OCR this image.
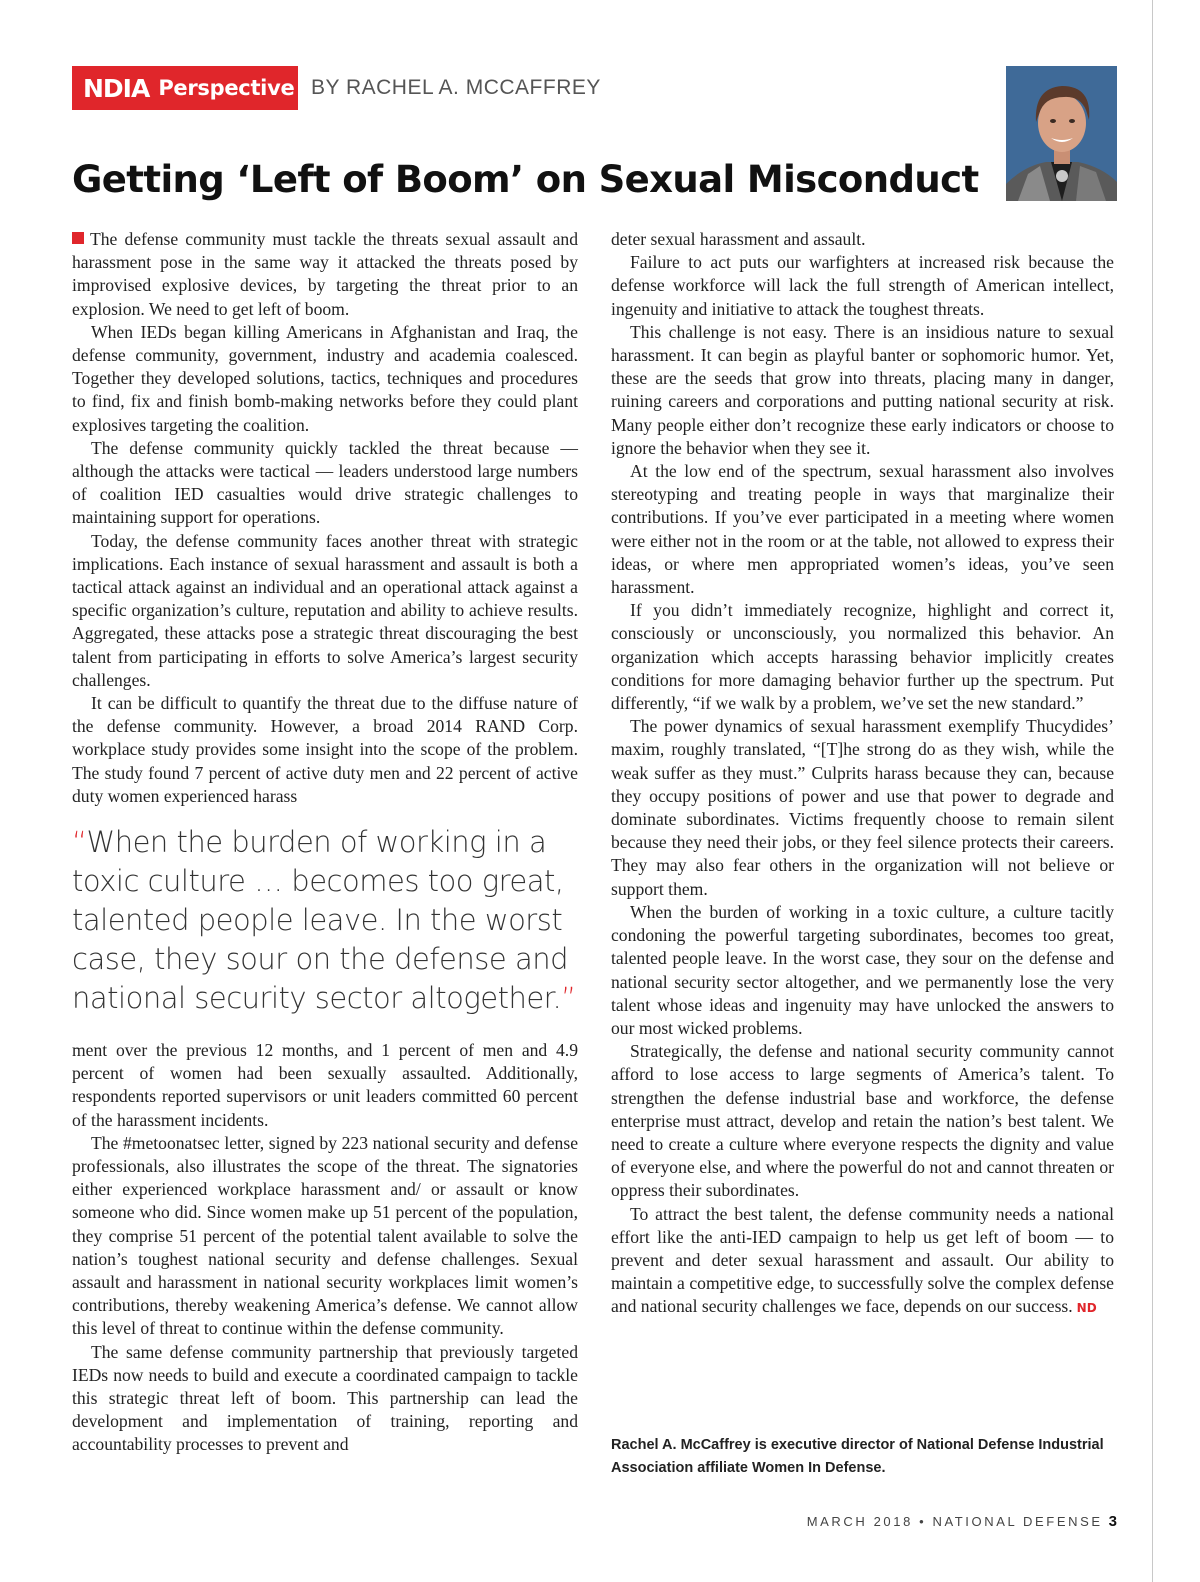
NDIA Perspective BY RACHEL A. MCCAFFREY
Getting ‘Left of Boom’ on Sexual Misconduct

The defense community must tackle the threats sexual assault and harassment pose in the same way it attacked the threats posed by improvised explosive devices, by targeting the threat prior to an explosion. We need to get left of boom.

When IEDs began killing Americans in Afghanistan and Iraq, the defense community, government, industry and academia coalesced. Together they developed solutions, tactics, techniques and procedures to find, fix and finish bomb-making networks before they could plant explosives targeting the coalition.

The defense community quickly tackled the threat because — although the attacks were tactical — leaders understood large numbers of coalition IED casualties would drive strategic challenges to maintaining support for operations.

Today, the defense community faces another threat with strategic implications. Each instance of sexual harassment and assault is both a tactical attack against an individual and an operational attack against a specific organization’s culture, reputation and ability to achieve results. Aggregated, these attacks pose a strategic threat discouraging the best talent from participating in efforts to solve America’s largest security challenges.

It can be difficult to quantify the threat due to the diffuse nature of the defense community. However, a broad 2014 RAND Corp. workplace study provides some insight into the scope of the problem. The study found 7 percent of active duty men and 22 percent of active duty women experienced harass

“When the burden of working in a toxic culture … becomes too great, talented people leave. In the worst case, they sour on the defense and national security sector altogether.”

ment over the previous 12 months, and 1 percent of men and 4.9 percent of women had been sexually assaulted. Additionally, respondents reported supervisors or unit leaders committed 60 percent of the harassment incidents.

The #metoonatsec letter, signed by 223 national security and defense professionals, also illustrates the scope of the threat. The signatories either experienced workplace harassment and/ or assault or know someone who did. Since women make up 51 percent of the population, they comprise 51 percent of the potential talent available to solve the nation’s toughest national security and defense challenges. Sexual assault and harassment in national security workplaces limit women’s contributions, thereby weakening America’s defense. We cannot allow this level of threat to continue within the defense community.

The same defense community partnership that previously targeted IEDs now needs to build and execute a coordinated campaign to tackle this strategic threat left of boom. This partnership can lead the development and implementation of training, reporting and accountability processes to prevent and

deter sexual harassment and assault.

Failure to act puts our warfighters at increased risk because the defense workforce will lack the full strength of American intellect, ingenuity and initiative to attack the toughest threats.

This challenge is not easy. There is an insidious nature to sexual harassment. It can begin as playful banter or sophomoric humor. Yet, these are the seeds that grow into threats, placing many in danger, ruining careers and corporations and putting national security at risk. Many people either don’t recognize these early indicators or choose to ignore the behavior when they see it.

At the low end of the spectrum, sexual harassment also involves stereotyping and treating people in ways that marginalize their contributions. If you’ve ever participated in a meeting where women were either not in the room or at the table, not allowed to express their ideas, or where men appropriated women’s ideas, you’ve seen harassment.

If you didn’t immediately recognize, highlight and correct it, consciously or unconsciously, you normalized this behavior. An organization which accepts harassing behavior implicitly creates conditions for more damaging behavior further up the spectrum. Put differently, “if we walk by a problem, we’ve set the new standard.”

The power dynamics of sexual harassment exemplify Thucydides’ maxim, roughly translated, “[T]he strong do as they wish, while the weak suffer as they must.” Culprits harass because they can, because they occupy positions of power and use that power to degrade and dominate subordinates. Victims frequently choose to remain silent because they need their jobs, or they feel silence protects their careers. They may also fear others in the organization will not believe or support them.

When the burden of working in a toxic culture, a culture tacitly condoning the powerful targeting subordinates, becomes too great, talented people leave. In the worst case, they sour on the defense and national security sector altogether, and we permanently lose the very talent whose ideas and ingenuity may have unlocked the answers to our most wicked problems.

Strategically, the defense and national security community cannot afford to lose access to large segments of America’s talent. To strengthen the defense industrial base and workforce, the defense enterprise must attract, develop and retain the nation’s best talent. We need to create a culture where everyone respects the dignity and value of everyone else, and where the powerful do not and cannot threaten or oppress their subordinates.

To attract the best talent, the defense community needs a national effort like the anti-IED campaign to help us get left of boom — to prevent and deter sexual harassment and assault. Our ability to maintain a competitive edge, to successfully solve the complex defense and national security challenges we face, depends on our success. ND

Rachel A. McCaffrey is executive director of National Defense Industrial Association affiliate Women In Defense.
MARCH 2018 • NATIONAL DEFENSE 3
